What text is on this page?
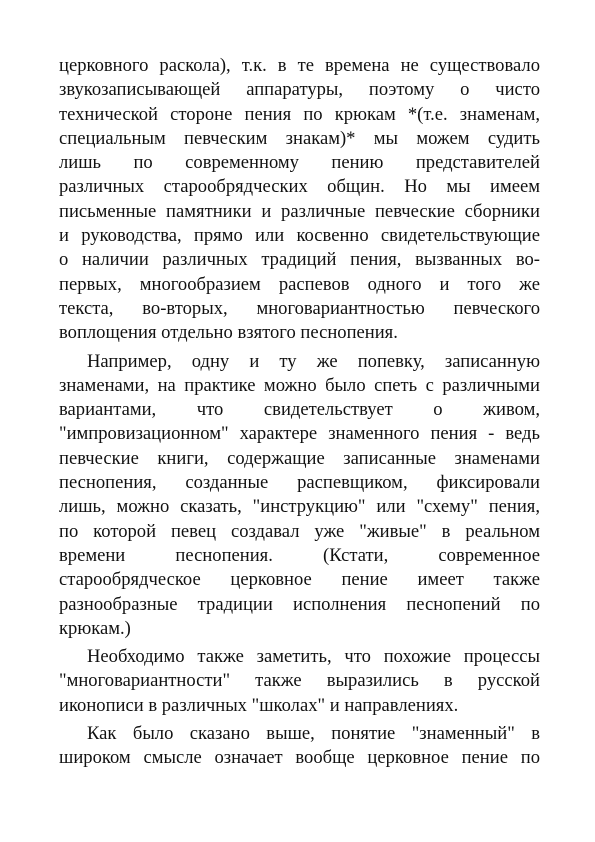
церковного раскола), т.к. в те времена не существовало
звукозаписывающей аппаратуры, поэтому о чисто
технической стороне пения по крюкам *(т.е. знаменам,
специальным певческим знакам)* мы можем судить
лишь по современному пению представителей
различных старообрядческих общин. Но мы имеем
письменные памятники и различные певческие сборники
и руководства, прямо или косвенно свидетельствующие
о наличии различных традиций пения, вызванных во-
первых, многообразием распевов одного и того же
текста, во-вторых, многовариантностью певческого
воплощения отдельно взятого песнопения.
Например, одну и ту же попевку, записанную
знаменами, на практике можно было спеть с различными
вариантами, что свидетельствует о живом,
"импровизационном" характере знаменного пения - ведь
певческие книги, содержащие записанные знаменами
песнопения, созданные распевщиком, фиксировали
лишь, можно сказать, "инструкцию" или "схему" пения,
по которой певец создавал уже "живые" в реальном
времени песнопения. (Кстати, современное
старообрядческое церковное пение имеет также
разнообразные традиции исполнения песнопений по
крюкам.)
Необходимо также заметить, что похожие процессы
"многовариантности" также выразились в русской
иконописи в различных "школах" и направлениях.
Как было сказано выше, понятие "знаменный" в
широком смысле означает вообще церковное пение по
